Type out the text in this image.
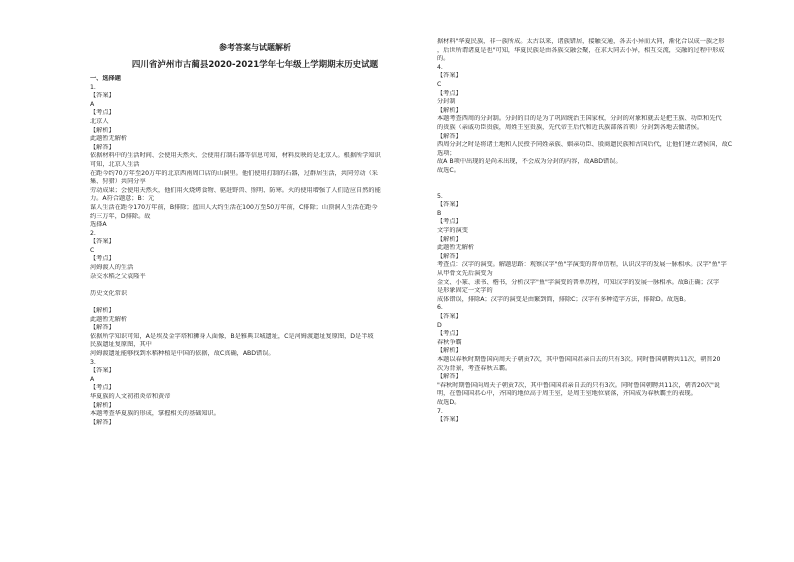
参考答案与试题解析
四川省泸州市古蔺县2020-2021学年七年级上学期期末历史试题
一、选择题
1.
【答案】
A
【考点】
北京人
【解析】
此题暂无解析
【解答】
依据材料中的生活时间、会使用天然火、会使用打制石器等信息可知，材料反映的是北京人。根据所学知识
可知，北京人生活
在距今约70万年至20万年的北京西南周口店的山洞里。他们使用打制的石器，过群居生活，共同劳动（采
集、狩猎）共同分享
劳动成果；会使用天然火，他们用火烧烤食物、驱赶野兽、照明、防寒。火的使用增强了人们适应自然的能
力。A符合题意；B：元
谋人生活在距今170万年前，B排除；蓝田人大约生活在100万至50万年前，C排除；山顶洞人生活在距今
约三万年，D排除。故
选择A
2.
【答案】
C
【考点】
河姆渡人的生活
杂交水稻之父袁隆平
历史文化常识
【解析】
此题暂无解析
【解答】
依据所学知识可知，A是埃及金字塔和狮身人面像，B是雅典卫城遗址，C是河姆渡遗址复原图，D是半坡
民族遗址复原图，其中
河姆渡遗址能够找到水稻种植是中国的依据，故C真确，ABD错误。
3.
【答案】
A
【考点】
华夏族的人文初祖炎帝和黄帝
【解析】
本题考查华夏族的形成，掌握相关的基础知识。
【解答】
据材料"华夏民族，非一族所成。太古以来，诸族错居，接触交通，各去小异而大同，渐化合以成一族之形
，后世所谓诸夏是也"可知，华夏民族是由各族交融会聚，在求大同去小异，相互交流，交融的过程中形成
的。
4.
【答案】
C
【考点】
分封制
【解析】
本题考查西周的分封制。分封的目的是为了巩固统治王国家权，分封的对象和就去是把王族、功臣和先代
的贵族（亲戚功臣贵族，周姓王室贵族，先代帝王后代和近氏族部落首领）分封到各地去做诸侯。
【解答】
西周分封之时是将诸土地和人民授予同姓亲族、姻亲功臣、殷商遗民族和古国后代，让他们建立诸侯国，故C
选项；
故A B项中出现的是尚未出现，不会成为分封的内容，故ABD错误。
故选C。
5.
【答案】
B
【考点】
文字的演变
【解析】
此题暂无解析
【解答】
考查点：汉字的演变。解题思路：观察汉字"鱼"字演变的普单历程，认识汉字的发展一脉相承。汉字"鱼"字
从甲骨文先后演变为
金文、小篆、隶书、楷书，分析汉字"鱼"字演变的普单历程，可知汉字的发展一脉相承。故B正确；汉字
是形象固定一文字的
成体错误，排除A；汉字的演变是由繁到简，排除C；汉字有多种造字方法，排除D。故选B。
6.
【答案】
D
【考点】
春秋争霸
【解析】
本题以春秋时期鲁国向周天子朝贡7次，其中鲁国国君亲自去的只有3次。同时鲁国朝聘共11次，朝晋20
次为背景，考查春秋五霸。
【解答】
"春秋时期鲁国向周天子朝贡7次，其中鲁国国君亲自去的只有3次。同时鲁国朝聘共11次，朝晋20次"说
明，在鲁国国君心中，齐国的地位高于周王室，是周王室地位衰落，齐国成为春秋霸主的表现。
故选D。
7.
【答案】
